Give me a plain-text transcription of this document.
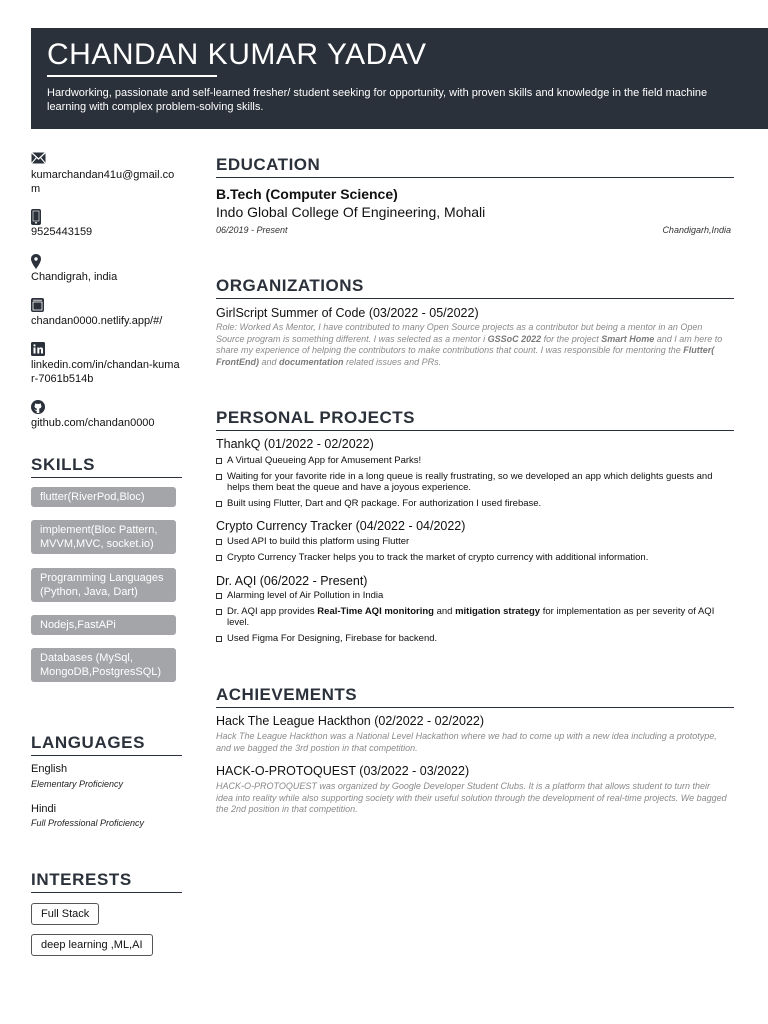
CHANDAN KUMAR YADAV
Hardworking, passionate and self-learned fresher/ student seeking for opportunity, with proven skills and knowledge in the field machine learning with complex problem-solving skills.
kumarchandan41u@gmail.com
9525443159
Chandigrah, india
chandan0000.netlify.app/#/
linkedin.com/in/chandan-kumar-7061b514b
github.com/chandan0000
SKILLS
flutter(RiverPod,Bloc)
implement(Bloc Pattern, MVVM,MVC, socket.io)
Programming Languages (Python, Java, Dart)
Nodejs,FastAPi
Databases (MySql, MongoDB,PostgresSQL)
LANGUAGES
English
Elementary Proficiency
Hindi
Full Professional Proficiency
INTERESTS
Full Stack
deep learning ,ML,AI
EDUCATION
B.Tech (Computer Science)
Indo Global College Of Engineering, Mohali
06/2019 - Present	Chandigarh,India
ORGANIZATIONS
GirlScript Summer of Code (03/2022 - 05/2022)
Role: Worked As Mentor, I have contributed to many Open Source projects as a contributor but being a mentor in an Open Source program is something different. I was selected as a mentor i GSSoC 2022 for the project Smart Home and I am here to share my experience of helping the contributors to make contributions that count. I was responsible for mentoring the Flutter( FrontEnd) and documentation related issues and PRs.
PERSONAL PROJECTS
ThankQ (01/2022 - 02/2022)
A Virtual Queueing App for Amusement Parks!
Waiting for your favorite ride in a long queue is really frustrating, so we developed an app which delights guests and helps them beat the queue and have a joyous experience.
Built using Flutter, Dart and QR package. For authorization I used firebase.
Crypto Currency Tracker (04/2022 - 04/2022)
Used API to build this platform using Flutter
Crypto Currency Tracker helps you to track the market of crypto currency with additional information.
Dr. AQI (06/2022 - Present)
Alarming level of Air Pollution in India
Dr. AQI app provides Real-Time AQI monitoring and mitigation strategy for implementation as per severity of AQI level.
Used Figma For Designing, Firebase for backend.
ACHIEVEMENTS
Hack The League Hackthon (02/2022 - 02/2022)
Hack The League Hackthon was a National Level Hackathon where we had to come up with a new idea including a prototype, and we bagged the 3rd postion in that competition.
HACK-O-PROTOQUEST (03/2022 - 03/2022)
HACK-O-PROTOQUEST was organized by Google Developer Student Clubs. It is a platform that allows student to turn their idea into reality while also supporting society with their useful solution through the development of real-time projects. We bagged the 2nd position in that competition.
